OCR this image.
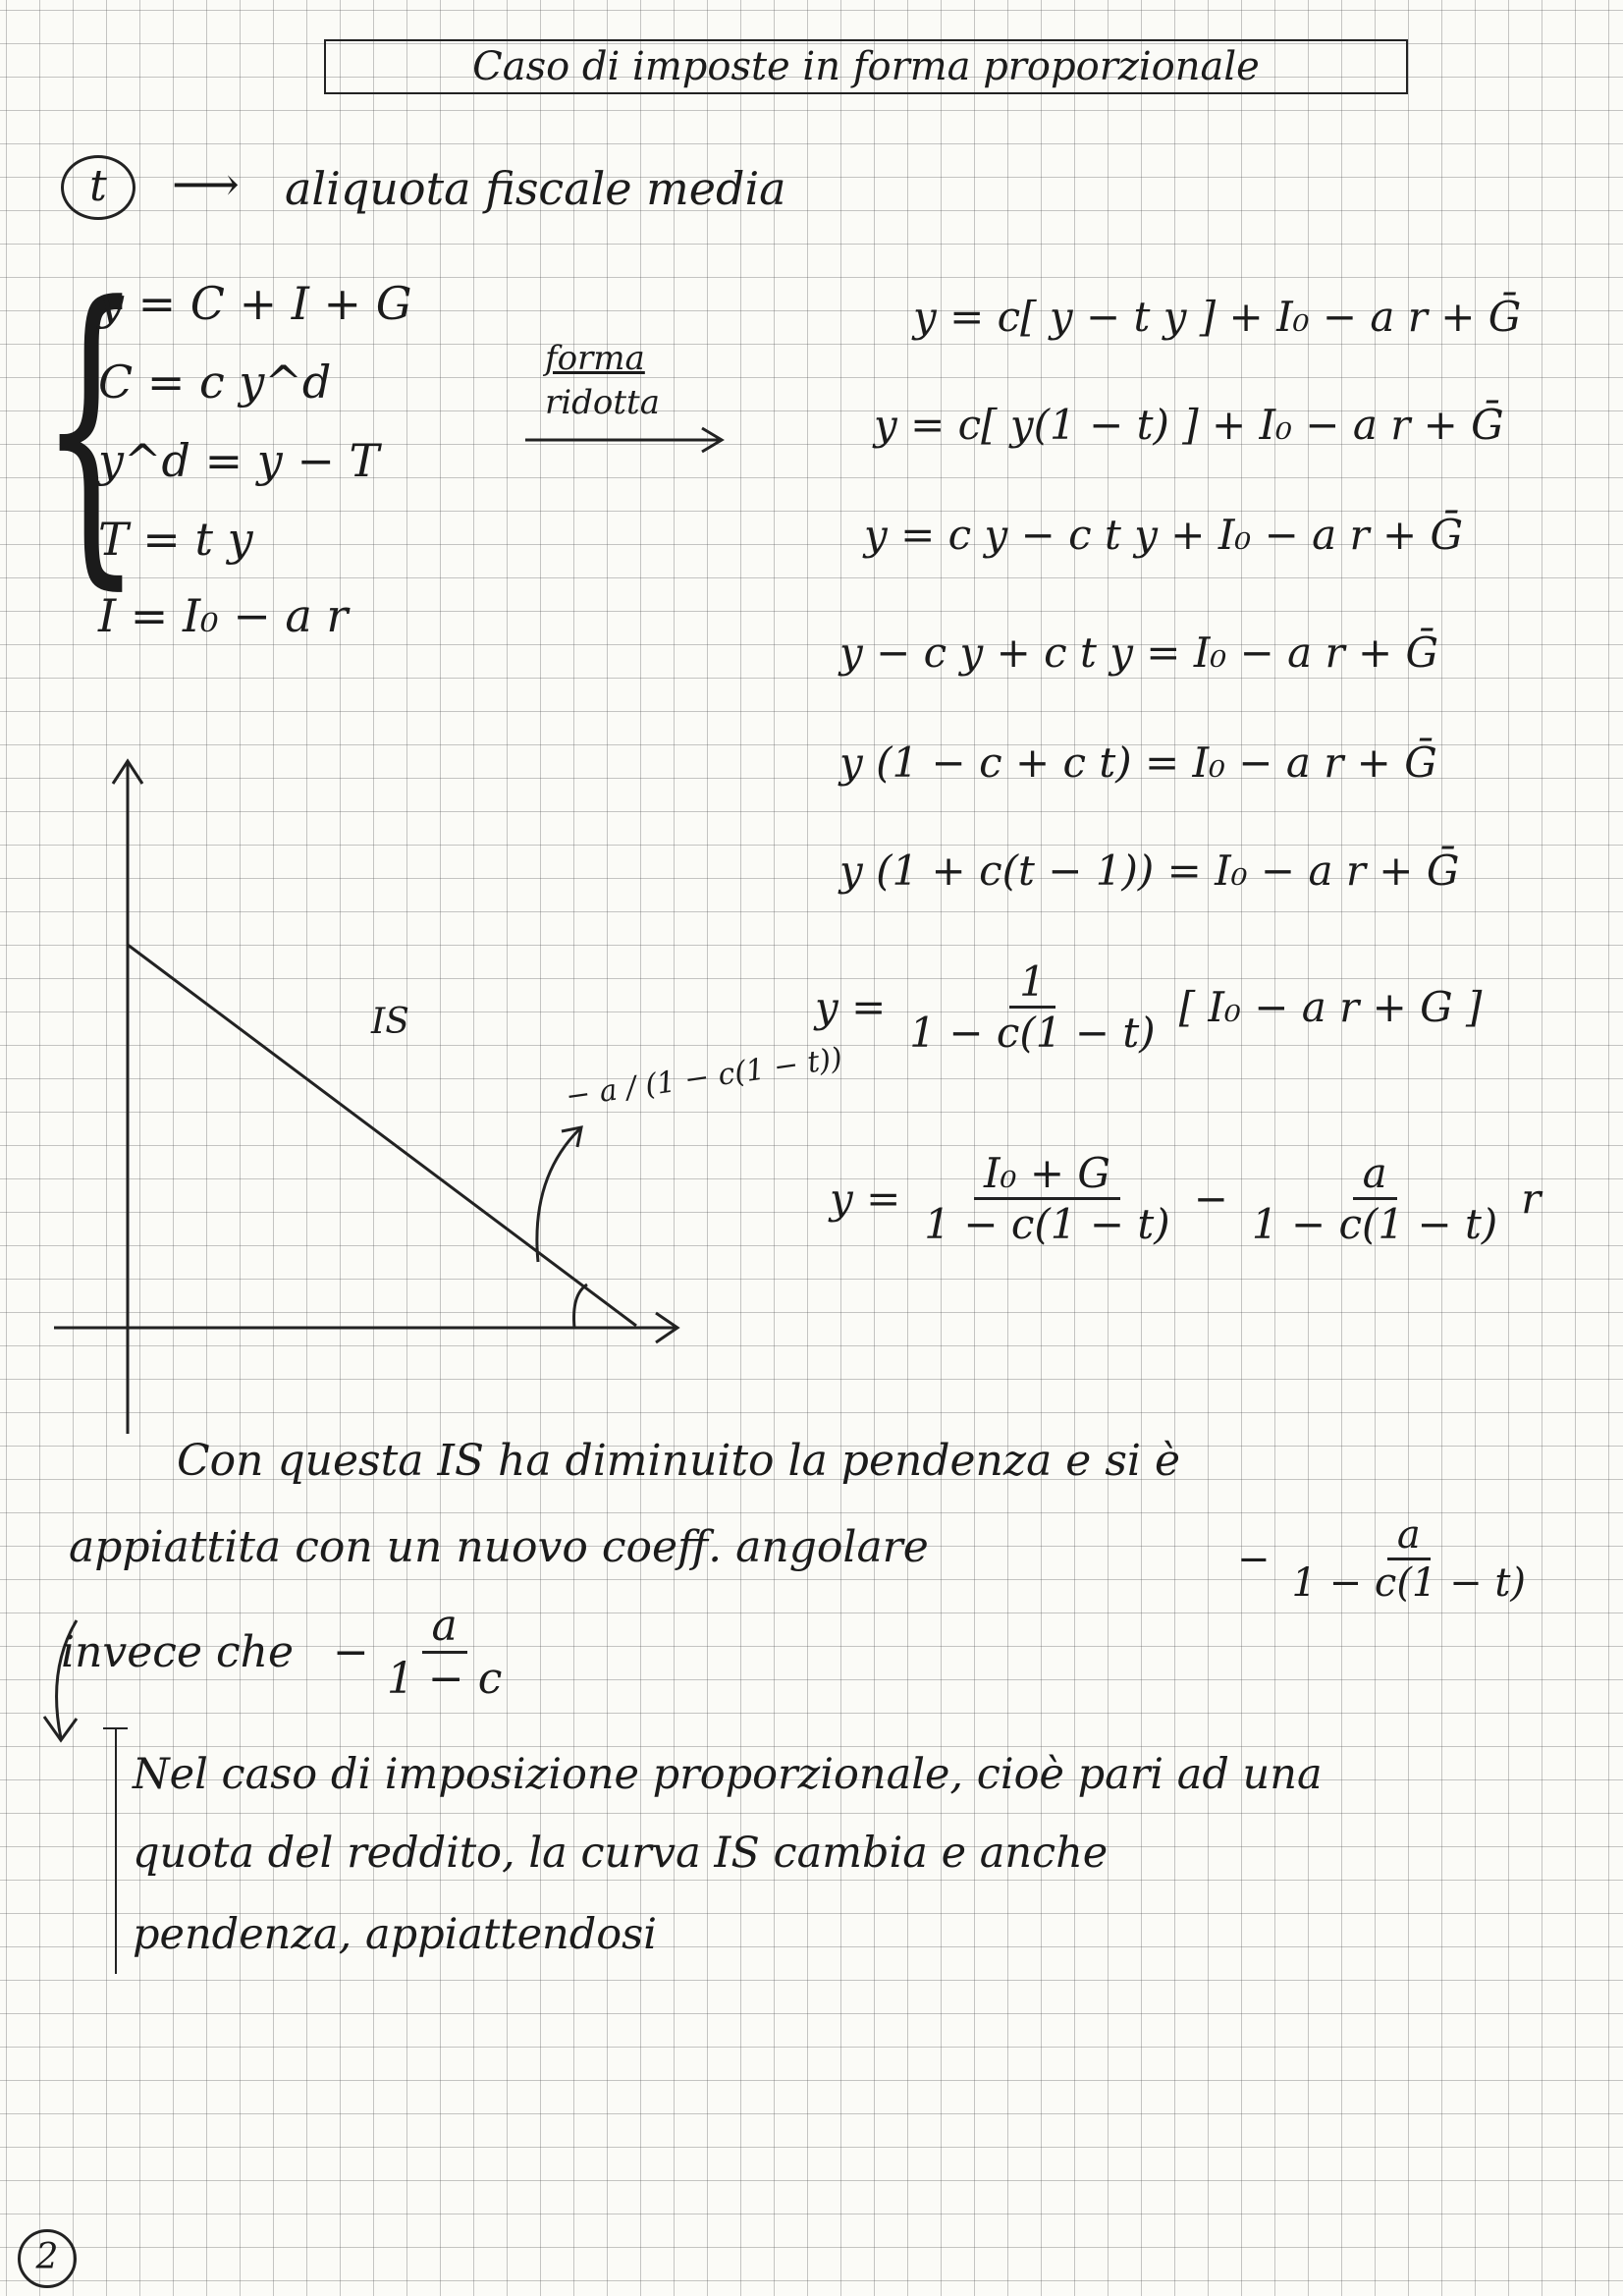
Caso di imposte in forma proporzionale
t	⟶ aliquota fiscale media
{
y = C + I + G
C = c y^d
y^d = y − T
T = t y
I = I₀ − a r
forma
ridotta
y = c[ y − t y ] + I₀ − a r + Ḡ
y = c[ y(1 − t) ] + I₀ − a r + Ḡ
y = c y − c t y + I₀ − a r + Ḡ
y − c y + c t y = I₀ − a r + Ḡ
y (1 − c + c t) = I₀ − a r + Ḡ
y (1 + c(t − 1)) = I₀ − a r + Ḡ
$y = \frac{1}{1 - c(1 - t)}$ [ I₀ − a r + G ]
$y = \frac{\text{I₀ + G}}{1 - c(1 - t)} - \frac{a}{1 - c(1 - t)}$ r
IS
− a / (1 − c(1 − t))
Con questa IS ha diminuito la pendenza e si è
appiattita con un nuovo coeff. angolare	− $\frac{a}{1 - c(1 - t)}$
invece che − $\frac{a}{1 - c}$
Nel caso di imposizione proporzionale, cioè pari ad una
quota del reddito, la curva IS cambia e anche
pendenza, appiattendosi
2
